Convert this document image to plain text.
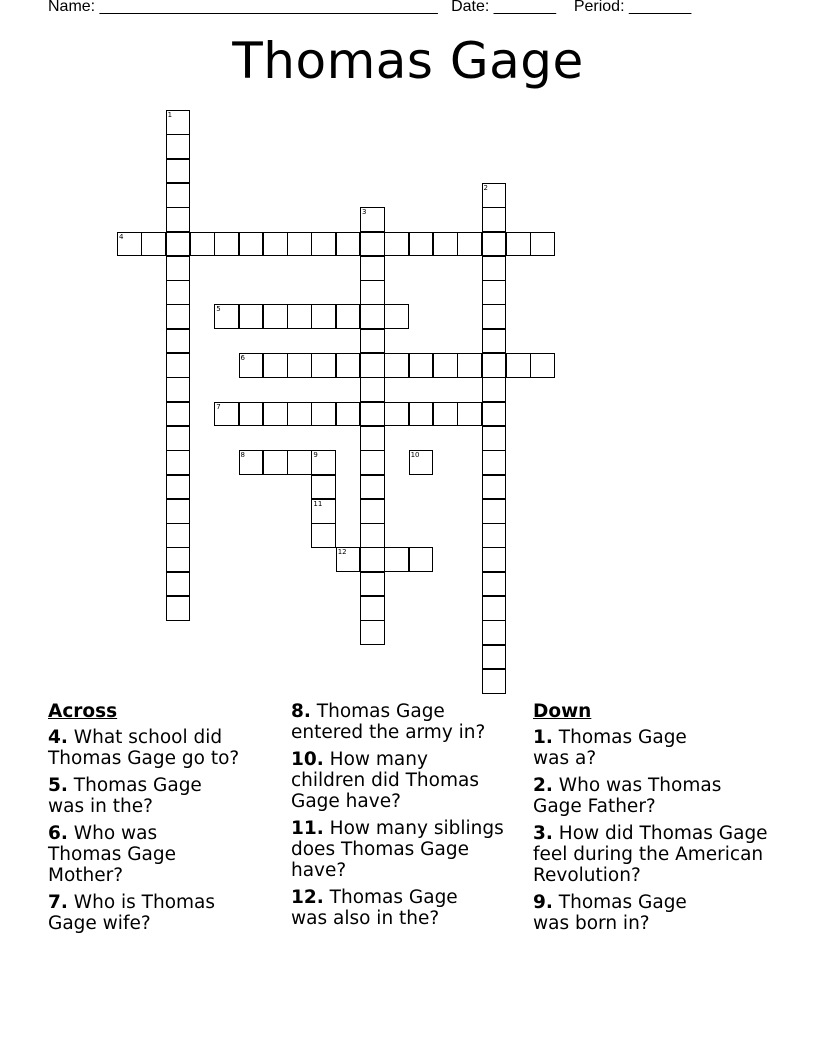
Name: ______________________________________ Date: _______ Period: _______
Thomas Gage
1
2
3
4
5
6
7
8	9
11
10
12
Across
4. What school did Thomas Gage go to?
5. Thomas Gage was in the?
6. Who was Thomas Gage Mother?
7. Who is Thomas Gage wife?
8. Thomas Gage entered the army in?
10. How many children did Thomas Gage have?
11. How many siblings does Thomas Gage have?
12. Thomas Gage was also in the?
Down
1. Thomas Gage was a?
2. Who was Thomas Gage Father?
3. How did Thomas Gage feel during the American Revolution?
9. Thomas Gage was born in?
